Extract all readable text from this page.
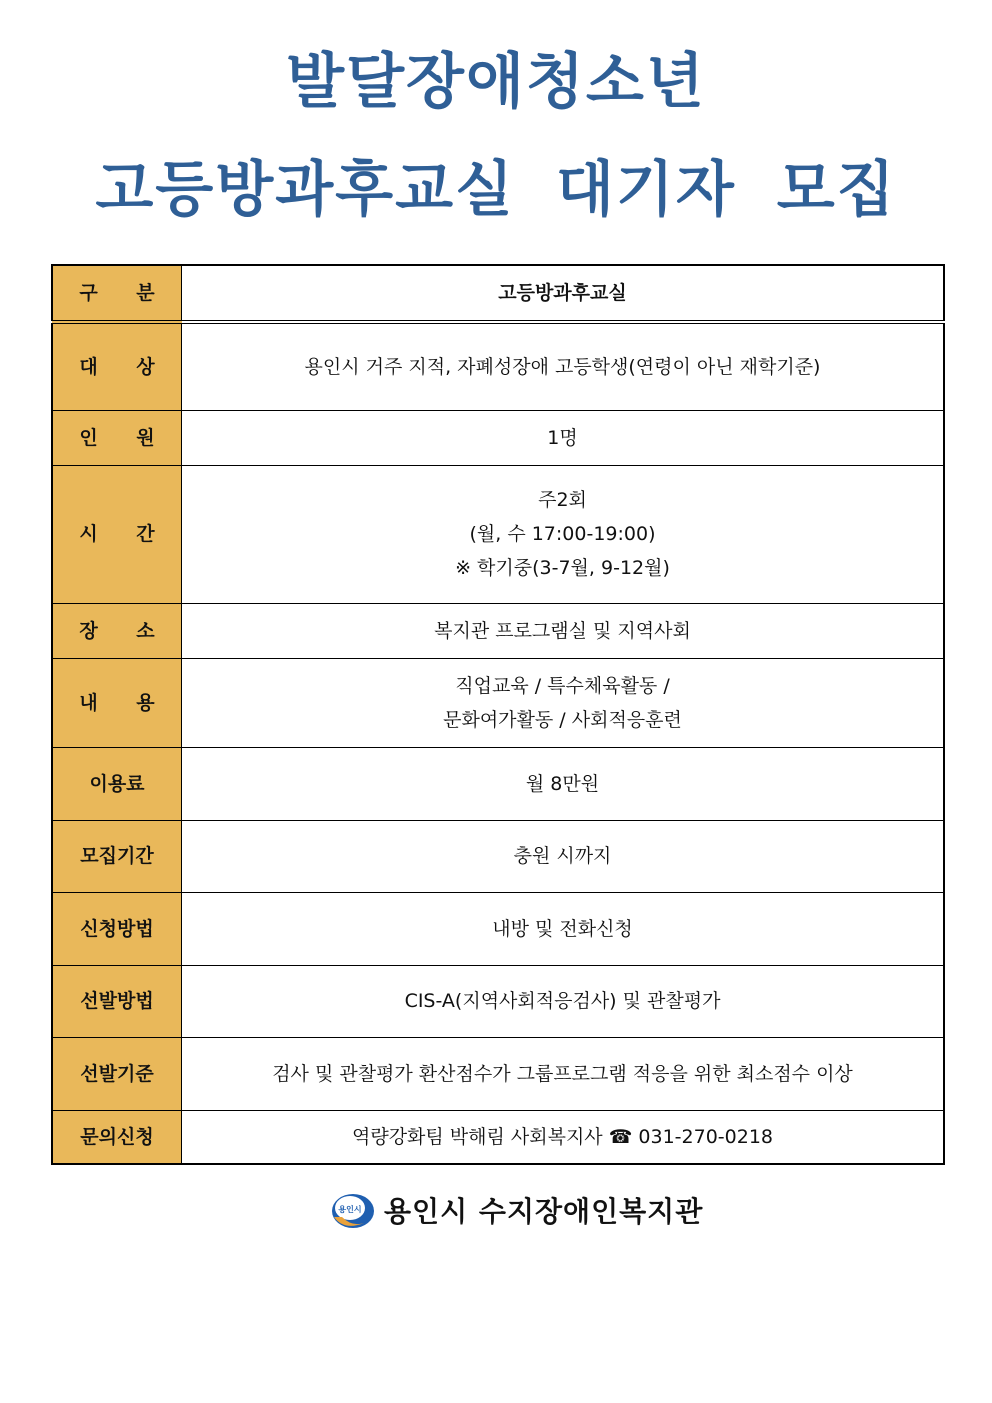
발달장애청소년
고등방과후교실 대기자 모집
구 분	고등방과후교실
대 상	용인시 거주 지적, 자폐성장애 고등학생(연령이 아닌 재학기준)

인 원	1명

시 간	주2회
(월, 수 17:00-19:00)
※ 학기중(3-7월, 9-12월)

장 소	복지관 프로그램실 및 지역사회

내 용	직업교육 / 특수체육활동 /
문화여가활동 / 사회적응훈련

이용료	월 8만원

모집기간	충원 시까지

신청방법	내방 및 전화신청

선발방법	CIS-A(지역사회적응검사) 및 관찰평가

선발기준	검사 및 관찰평가 환산점수가 그룹프로그램 적응을 위한 최소점수 이상

문의신청	역량강화팀 박해림 사회복지사 ☎ 031-270-0218
용인시 용인시 수지장애인복지관
